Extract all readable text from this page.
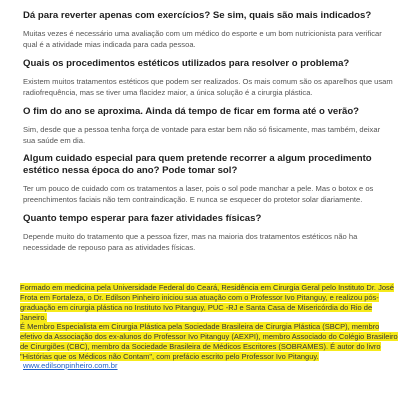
Dá para reverter apenas com exercícios? Se sim, quais são mais indicados?

Muitas vezes é necessário uma avaliação com um médico do esporte e um bom nutricionista para verificar qual é a atividade mias indicada para cada pessoa.

Quais os procedimentos estéticos utilizados para resolver o problema?

Existem muitos tratamentos estéticos que podem ser realizados. Os mais comum são os aparelhos que usam radiofrequência, mas se tiver uma flacidez maior, a única solução é a cirurgia plástica.

O fim do ano se aproxima. Ainda dá tempo de ficar em forma até o verão?

Sim, desde que a pessoa tenha força de vontade para estar bem não só fisicamente, mas também, deixar sua saúde em dia.

Algum cuidado especial para quem pretende recorrer a algum procedimento estético nessa época do ano? Pode tomar sol?

Ter um pouco de cuidado com os tratamentos a laser, pois o sol pode manchar a pele. Mas o botox e os preenchimentos faciais não tem contraindicação. E nunca se esquecer do protetor solar diariamente.

Quanto tempo esperar para fazer atividades físicas?

Depende muito do tratamento que a pessoa fizer, mas na maioria dos tratamentos estéticos não ha necessidade de repouso para as atividades físicas.

Formado em medicina pela Universidade Federal do Ceará, Residência em Cirurgia Geral pelo Instituto Dr. José Frota em Fortaleza, o Dr. Edilson Pinheiro iniciou sua atuação com o Professor Ivo Pitanguy, e realizou pós-graduação em cirurgia plástica no Instituto Ivo Pitanguy, PUC -RJ e Santa Casa de Misericórdia do Rio de Janeiro.

É Membro Especialista em Cirurgia Plástica pela Sociedade Brasileira de Cirurgia Plástica (SBCP), membro efetivo da Associação dos ex-alunos do Professor Ivo Pitanguy (AEXPI), membro Associado do Colégio Brasileiro de Cirurgiões (CBC), membro da Sociedade Brasileira de Médicos Escritores (SOBRAMES). É autor do livro "Histórias que os Médicos não Contam", com prefácio escrito pelo Professor Ivo Pitanguy.

www.edilsonpinheiro.com.br
